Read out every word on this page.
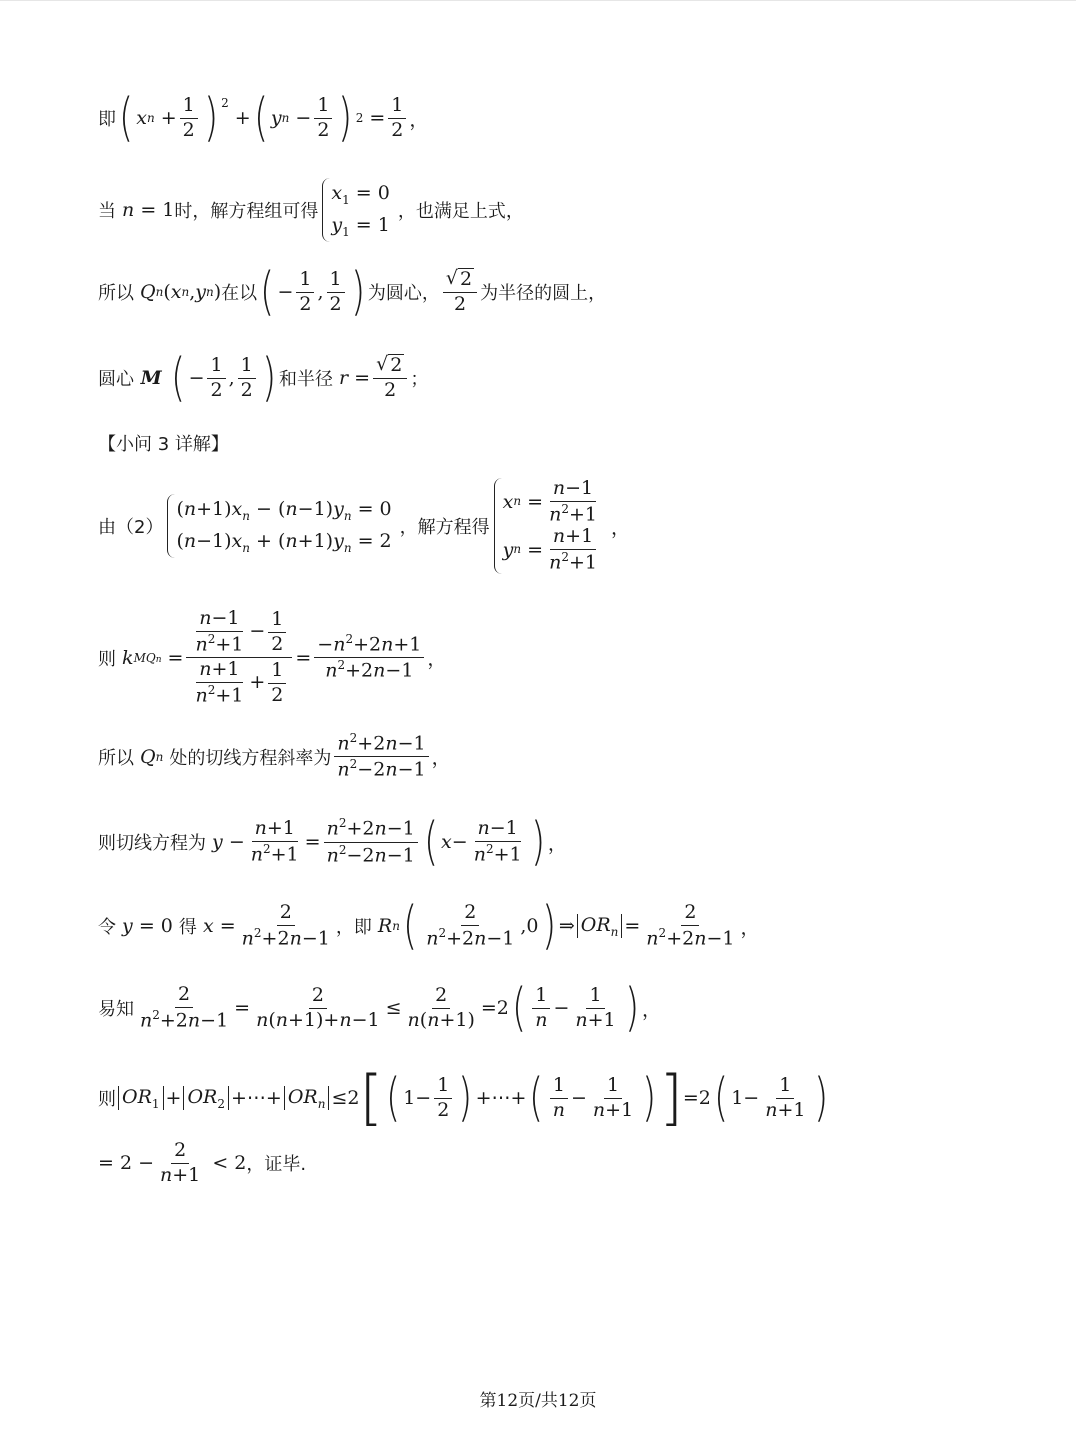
即 ( x $n + \frac{1}{2}$ ) 2
+ ( y $n - \frac{1}{2}$ ) $2 = \frac{1}{2}$ ，
当 n = 1 时，解方程组可得
$x_1 = 0$
$y_1 = 1$
，也满足上式，
所以 Q n ( x n , y n ) 在以 ( − $\frac{1}{2}$ , $\frac{1}{2}$ ) 为圆心， $\frac{√ 2}{2}$ 为半径的圆上，
圆心 M ( − $\frac{1}{2}$ , $\frac{1}{2}$ ) 和半径 $r = \frac{√ 2}{2}$ ；
【小问 3 详解】
由（2）
$(n+1)x_n - (n-1)y_n = 0$
$(n-1)x_n + (n+1)y_n = 2$
，解方程得
x $n = \frac{n-1}{n^2+1}$
y $n = \frac{n+1}{n^2+1}$ ，
则 k MQn = $\frac{\frac{n-1}{n^2+1} - \frac{1}{2}}{\frac{n+1}{n^2+1} + \frac{1}{2}} = \frac{-n^2+2n+1}{n^2+2n-1}$ ，
所以 Q n
处的切线方程斜率为 $\frac{n^2+2n-1}{n^2-2n-1}$ ，
则切线方程为 $y - \frac{n+1}{n^2+1} = \frac{n^2+2n-1}{n^2-2n-1}$ ( $x - \frac{n-1}{n^2+1}$ ) ，
令 y = 0 得 $x = \frac{2}{n^2+2n-1}$ ，即 R n ( $\frac{2}{n^2+2n-1} ,0$ ) ⇒ $OR_n = \frac{2}{n^2+2n-1}$ ，
易知 $\frac{2}{n^2+2n-1} = \frac{2}{n(n+1)+n-1} \le \frac{2}{n(n+1)} =2$ ( $\frac{1}{n} - \frac{1}{n+1}$ ) ，
则 $OR_1 + OR_2$ +⋯+ $OR_n \le 2$ [ ( $1- \frac{1}{2}$ ) +⋯+ ( $\frac{1}{n} - \frac{1}{n+1}$ ) ] =2 ( $1- \frac{1}{n+1}$ )
= $2 - \frac{2}{n+1} < 2$ ，证毕.
第12页/共12页
